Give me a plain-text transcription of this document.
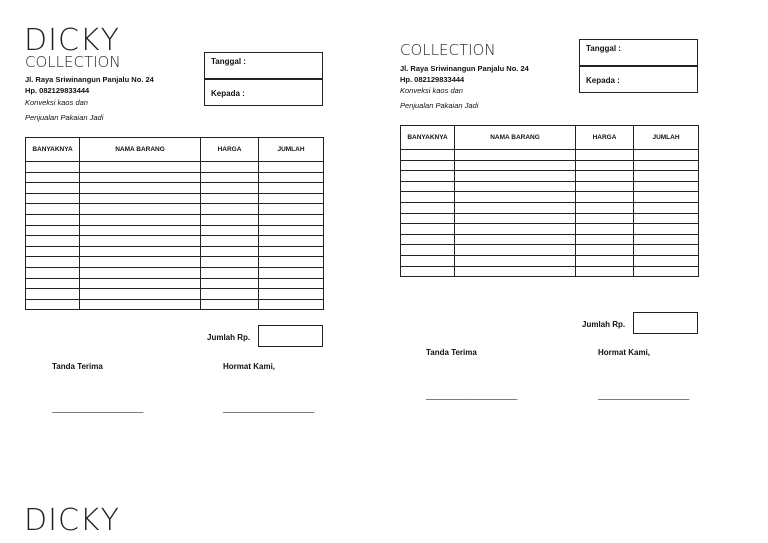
DICKY
COLLECTION
Jl. Raya Sriwinangun Panjalu No. 24
Hp. 082129833444
Konveksi kaos dan
Penjualan Pakaian Jadi
Tanggal :
Kepada :
BANYAKNYA	NAMA BARANG	HARGA	JUMLAH

Jumlah Rp.
Tanda Terima	Hormat Kami,
_______________________	_______________________
COLLECTION
Jl. Raya Sriwinangun Panjalu No. 24
Hp. 082129833444
Konveksi kaos dan
Penjualan Pakaian Jadi
Tanggal :
Kepada :
BANYAKNYA	NAMA BARANG	HARGA	JUMLAH

Jumlah Rp.
Tanda Terima	Hormat Kami,
_______________________	_______________________
DICKY
